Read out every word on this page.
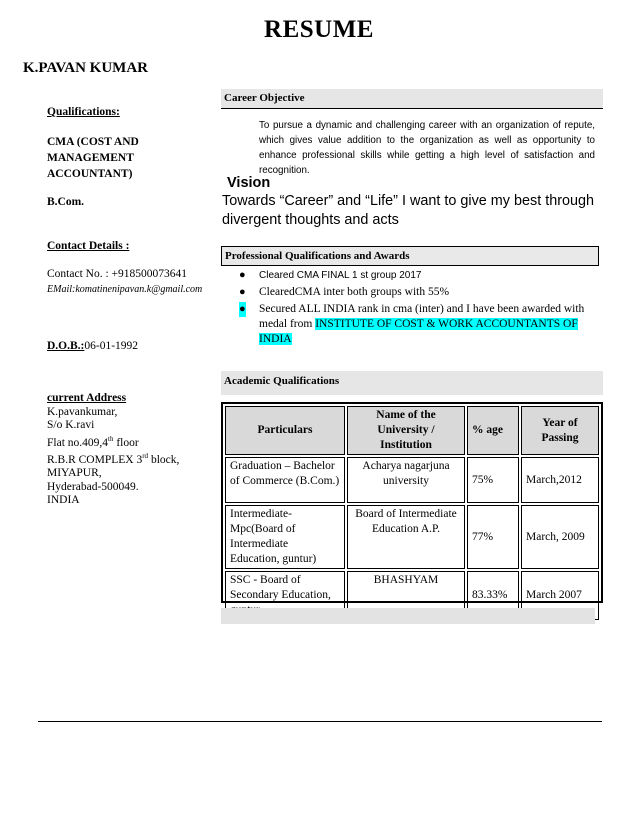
RESUME
K.PAVAN KUMAR
Qualifications:
CMA (COST AND
MANAGEMENT
ACCOUNTANT)
B.Com.
Contact Details :
Contact No. : +918500073641
EMail:komatinenipavan.k@gmail.com
D.O.B.:06-01-1992
current Address
K.pavankumar,
S/o K.ravi
Flat no.409,4th floor
R.B.R COMPLEX 3rd block,
MIYAPUR,
Hyderabad-500049.
INDIA
Career Objective
To pursue a dynamic and challenging career with an organization of repute, which gives value addition to the organization as well as opportunity to enhance professional skills while getting a high level of satisfaction and recognition.
Vision
Towards “Career” and “Life” I want to give my best through divergent thoughts and acts
Professional Qualifications and Awards
● Cleared CMA FINAL 1 st group 2017
● ClearedCMA inter both groups with 55%
● Secured ALL INDIA rank in cma (inter) and I have been awarded with medal from INSTITUTE OF COST & WORK ACCOUNTANTS OF INDIA
Academic Qualifications
Particulars	Name of the University / Institution	% age	Year of Passing
Graduation – Bachelor of Commerce (B.Com.)	Acharya nagarjuna university	75%	March,2012
Intermediate-Mpc(Board of Intermediate Education, guntur)	Board of Intermediate Education A.P.	77%	March, 2009
SSC - Board of Secondary Education,	BHASHYAM	83.33%	March 2007
